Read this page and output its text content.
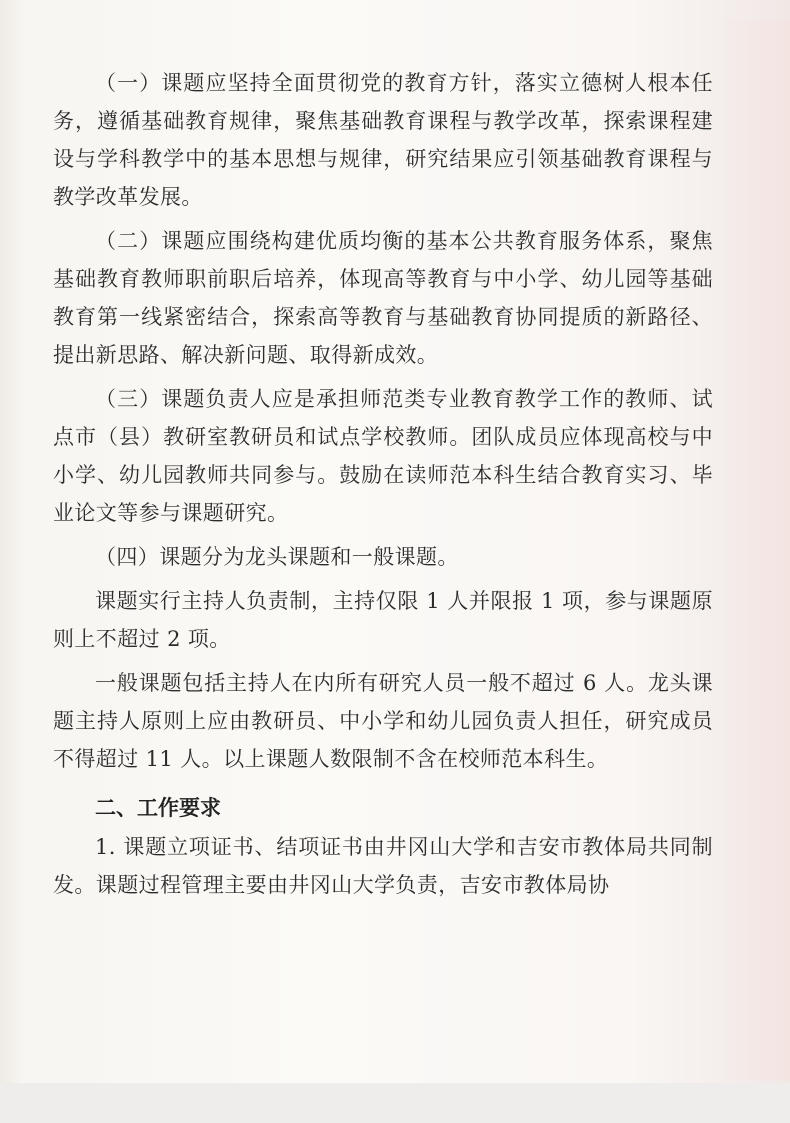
（一）课题应坚持全面贯彻党的教育方针，落实立德树人根本任务，遵循基础教育规律，聚焦基础教育课程与教学改革，探索课程建设与学科教学中的基本思想与规律，研究结果应引领基础教育课程与教学改革发展。

（二）课题应围绕构建优质均衡的基本公共教育服务体系，聚焦基础教育教师职前职后培养，体现高等教育与中小学、幼儿园等基础教育第一线紧密结合，探索高等教育与基础教育协同提质的新路径、提出新思路、解决新问题、取得新成效。

（三）课题负责人应是承担师范类专业教育教学工作的教师、试点市（县）教研室教研员和试点学校教师。团队成员应体现高校与中小学、幼儿园教师共同参与。鼓励在读师范本科生结合教育实习、毕业论文等参与课题研究。

（四）课题分为龙头课题和一般课题。

课题实行主持人负责制，主持仅限 1 人并限报 1 项，参与课题原则上不超过 2 项。

一般课题包括主持人在内所有研究人员一般不超过 6 人。龙头课题主持人原则上应由教研员、中小学和幼儿园负责人担任，研究成员不得超过 11 人。以上课题人数限制不含在校师范本科生。

二、工作要求

1. 课题立项证书、结项证书由井冈山大学和吉安市教体局共同制发。课题过程管理主要由井冈山大学负责，吉安市教体局协
